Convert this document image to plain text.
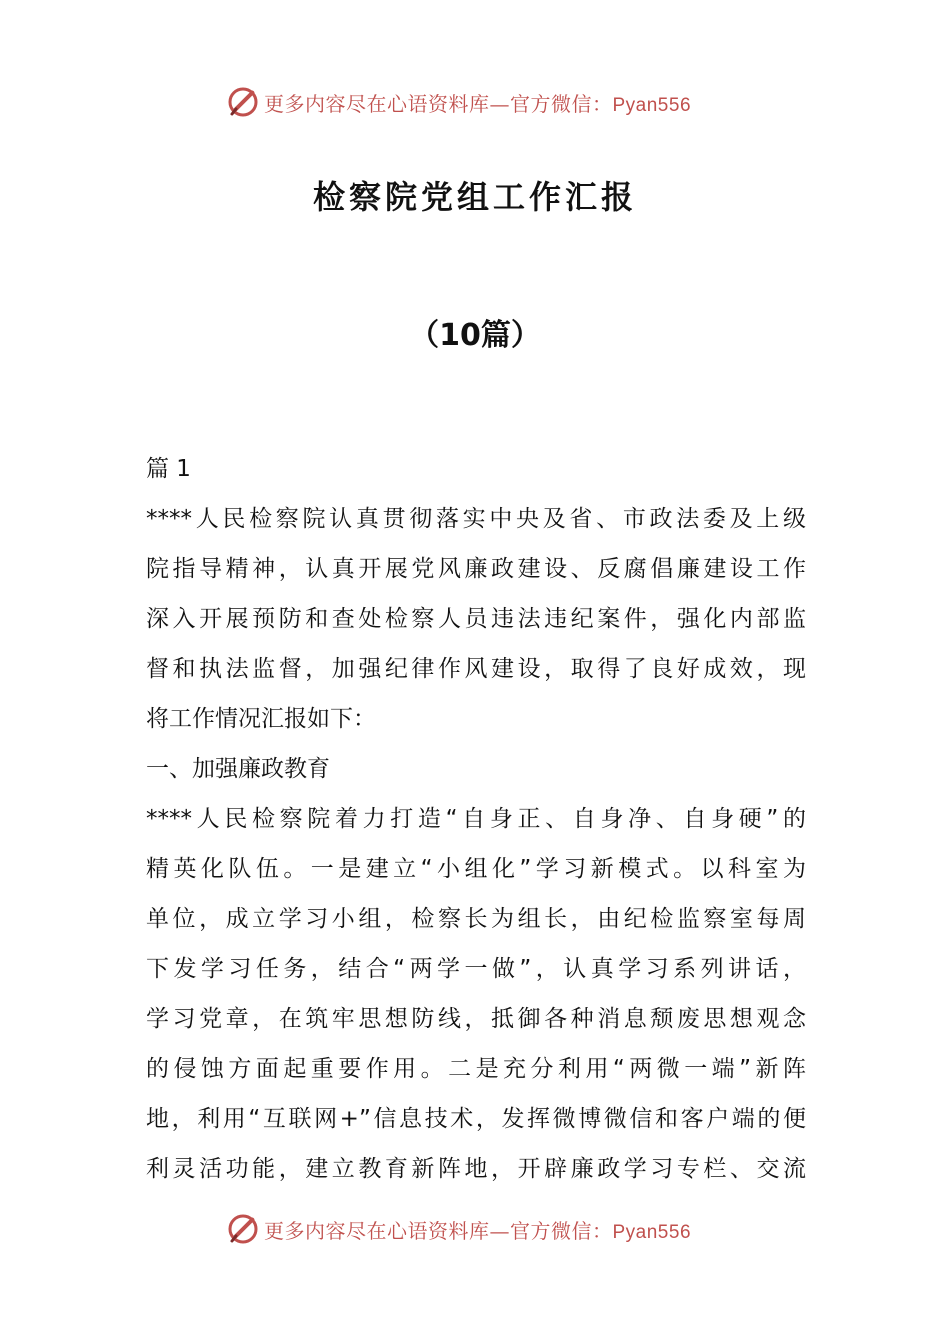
更多内容尽在心语资料库—官方微信：Pyan556
检察院党组工作汇报
（10篇）
篇 1
****人民检察院认真贯彻落实中央及省、市政法委及上级
院指导精神，认真开展党风廉政建设、反腐倡廉建设工作
深入开展预防和查处检察人员违法违纪案件，强化内部监
督和执法监督，加强纪律作风建设，取得了良好成效，现
将工作情况汇报如下：
一、加强廉政教育
****人民检察院着力打造“自身正、自身净、自身硬”的
精英化队伍。一是建立“小组化”学习新模式。以科室为
单位，成立学习小组，检察长为组长，由纪检监察室每周
下发学习任务，结合“两学一做”，认真学习系列讲话，
学习党章，在筑牢思想防线，抵御各种消息颓废思想观念
的侵蚀方面起重要作用。二是充分利用“两微一端”新阵
地，利用“互联网+”信息技术，发挥微博微信和客户端的便
利灵活功能，建立教育新阵地，开辟廉政学习专栏、交流
更多内容尽在心语资料库—官方微信：Pyan556
